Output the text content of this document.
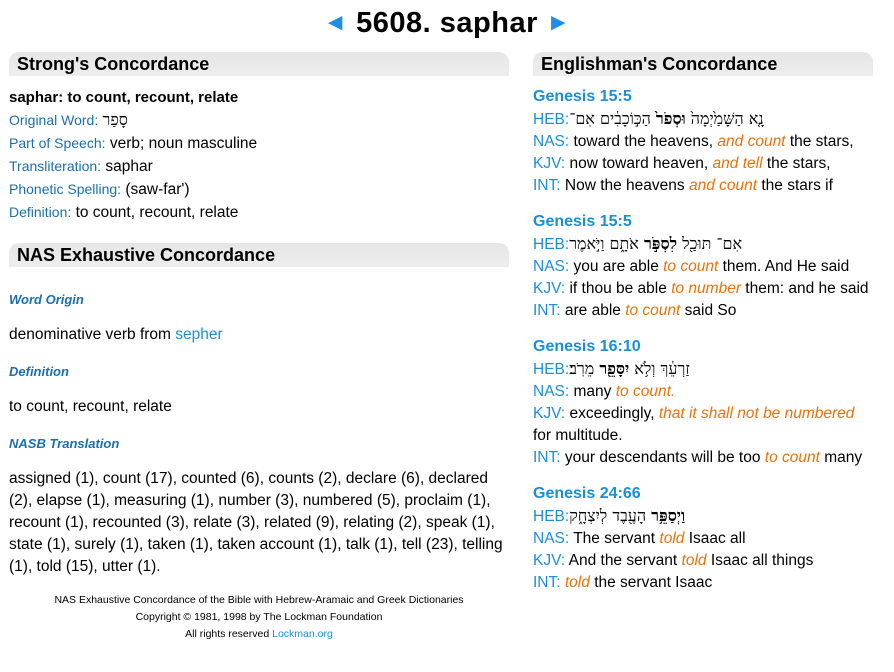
◄ 5608. saphar ►
Strong's Concordance
saphar: to count, recount, relate
Original Word: סָפַר
Part of Speech: verb; noun masculine
Transliteration: saphar
Phonetic Spelling: (saw-far')
Definition: to count, recount, relate
NAS Exhaustive Concordance
Word Origin
denominative verb from sepher
Definition
to count, recount, relate
NASB Translation
assigned (1), count (17), counted (6), counts (2), declare (6), declared (2), elapse (1), measuring (1), number (3), numbered (5), proclaim (1), recount (1), recounted (3), relate (3), related (9), relating (2), speak (1), state (1), surely (1), taken (1), taken account (1), talk (1), tell (23), telling (1), told (15), utter (1).
NAS Exhaustive Concordance of the Bible with Hebrew-Aramaic and Greek Dictionaries
Copyright © 1981, 1998 by The Lockman Foundation
All rights reserved Lockman.org
Englishman's Concordance
Genesis 15:5
HEB:	נָ֤א הַשָּׁמַ֙יְמָה֙ וּסְפֹר֙ הַכּ֣וֹכָבִ֔ים אִם־
NAS: toward the heavens, and count the stars,
KJV: now toward heaven, and tell the stars,
INT: Now the heavens and count the stars if
Genesis 15:5
HEB:	אִם־ תּוּכַ֖ל לִסְפֹּ֣ר אֹתָ֑ם וַיֹּ֣אמֶר
NAS: you are able to count them. And He said
KJV: if thou be able to number them: and he said
INT: are able to count said So
Genesis 16:10
HEB:	זַרְעֵ֔ךְ וְלֹ֥א יִסָּפֵ֖ר מֵרֹֽב׃
NAS: many to count.
KJV: exceedingly, that it shall not be numbered for multitude.
INT: your descendants will be too to count many
Genesis 24:66
HEB:	וַיְסַפֵּ֥ר הָעֶ֖בֶד לְיִצְחָ֑ק
NAS: The servant told Isaac all
KJV: And the servant told Isaac all things
INT: told the servant Isaac
